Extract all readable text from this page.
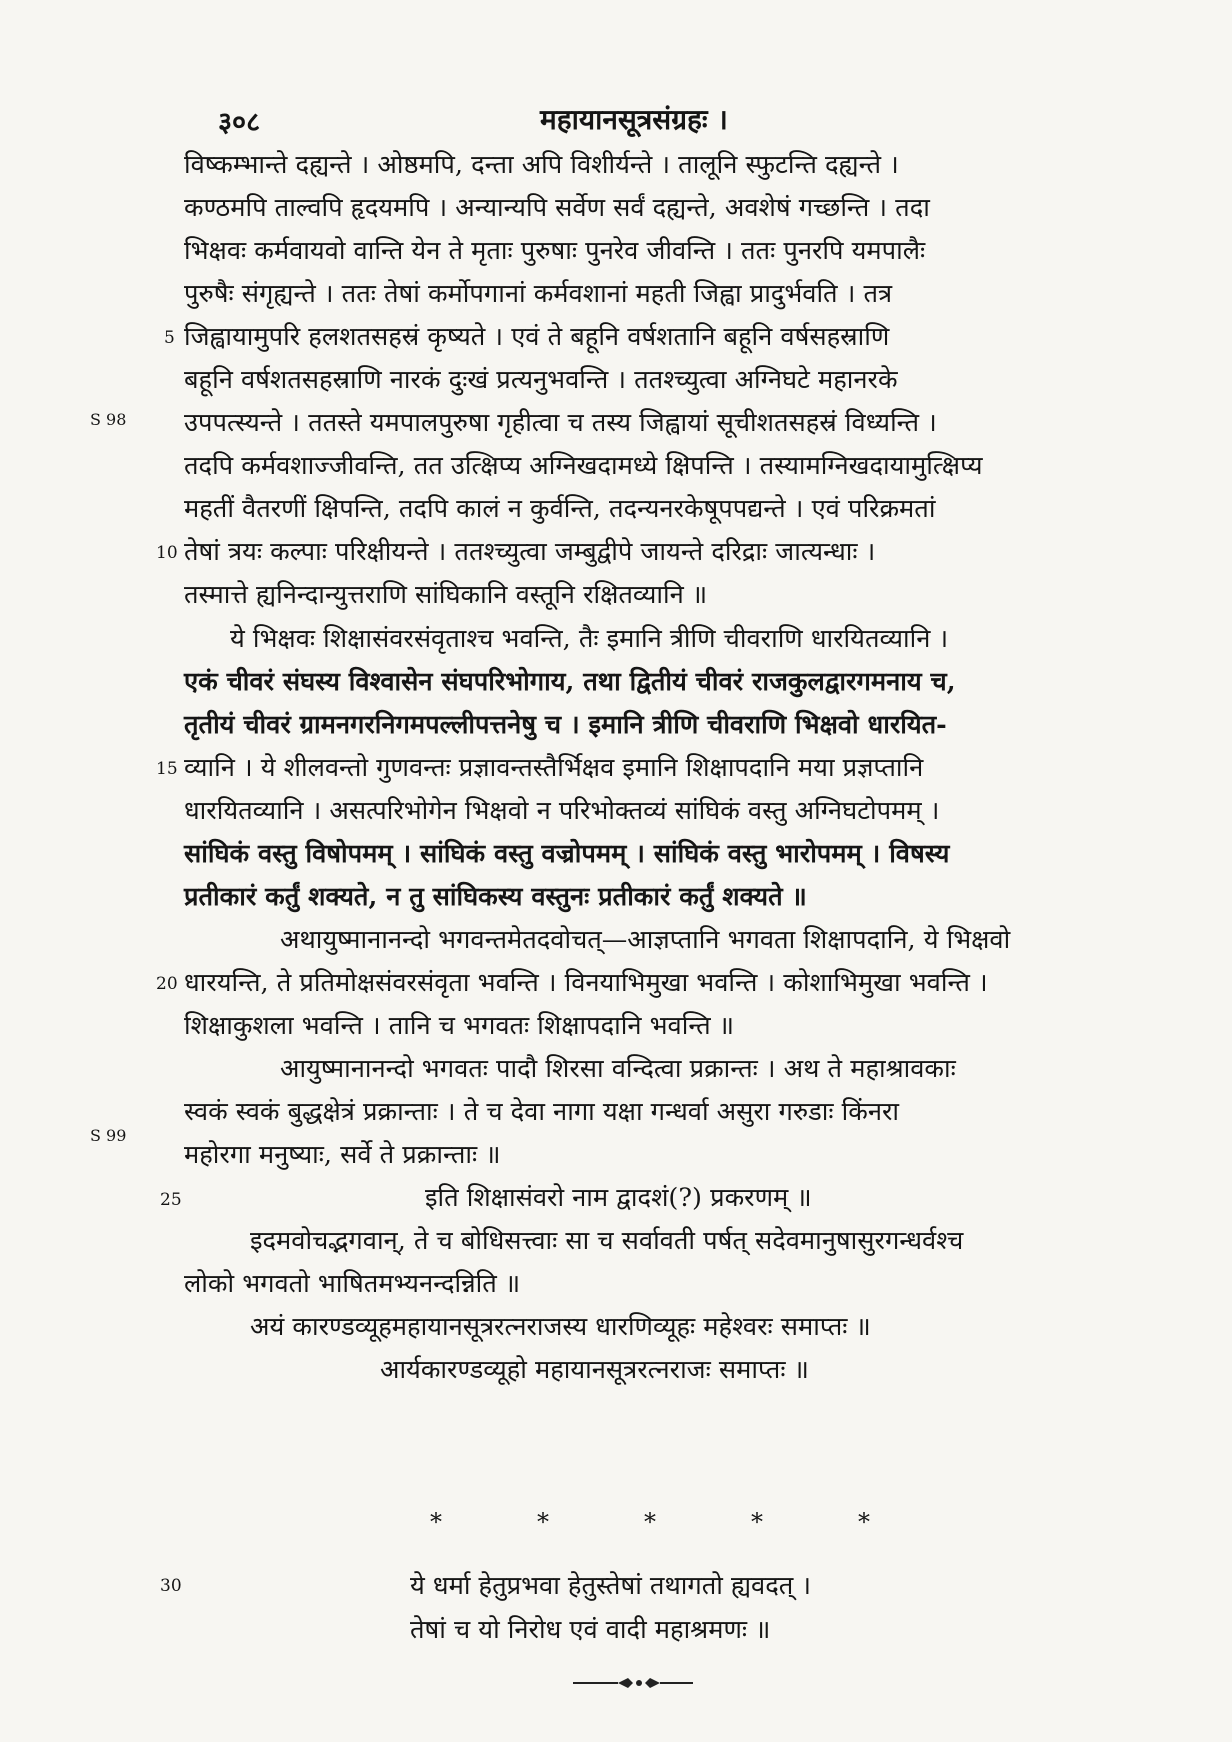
३०८	महायानसूत्रसंग्रहः ।
विष्कम्भान्ते दह्यन्ते । ओष्ठमपि, दन्ता अपि विशीर्यन्ते । तालूनि स्फुटन्ति दह्यन्ते ।
कण्ठमपि ताल्वपि हृदयमपि । अन्यान्यपि सर्वेण सर्वं दह्यन्ते, अवशेषं गच्छन्ति । तदा
भिक्षवः कर्मवायवो वान्ति येन ते मृताः पुरुषाः पुनरेव जीवन्ति । ततः पुनरपि यमपालैः
पुरुषैः संगृह्यन्ते । ततः तेषां कर्मोपगानां कर्मवशानां महती जिह्वा प्रादुर्भवति । तत्र
जिह्वायामुपरि हलशतसहस्रं कृष्यते । एवं ते बहूनि वर्षशतानि बहूनि वर्षसहस्राणि
बहूनि वर्षशतसहस्राणि नारकं दुःखं प्रत्यनुभवन्ति । ततश्च्युत्वा अग्निघटे महानरके
उपपत्स्यन्ते । ततस्ते यमपालपुरुषा गृहीत्वा च तस्य जिह्वायां सूचीशतसहस्रं विध्यन्ति ।
तदपि कर्मवशाज्जीवन्ति, तत उत्क्षिप्य अग्निखदामध्ये क्षिपन्ति । तस्यामग्निखदायामुत्क्षिप्य
महतीं वैतरणीं क्षिपन्ति, तदपि कालं न कुर्वन्ति, तदन्यनरकेषूपपद्यन्ते । एवं परिक्रमतां
तेषां त्रयः कल्पाः परिक्षीयन्ते । ततश्च्युत्वा जम्बुद्वीपे जायन्ते दरिद्राः जात्यन्धाः ।
तस्मात्ते ह्यनिन्दान्युत्तराणि सांघिकानि वस्तूनि रक्षितव्यानि ॥
ये भिक्षवः शिक्षासंवरसंवृताश्च भवन्ति, तैः इमानि त्रीणि चीवराणि धारयितव्यानि ।
एकं चीवरं संघस्य विश्वासेन संघपरिभोगाय, तथा द्वितीयं चीवरं राजकुलद्वारगमनाय च,
तृतीयं चीवरं ग्रामनगरनिगमपल्लीपत्तनेषु च । इमानि त्रीणि चीवराणि भिक्षवो धारयित-
व्यानि । ये शीलवन्तो गुणवन्तः प्रज्ञावन्तस्तैर्भिक्षव इमानि शिक्षापदानि मया प्रज्ञप्तानि
धारयितव्यानि । असत्परिभोगेन भिक्षवो न परिभोक्तव्यं सांघिकं वस्तु अग्निघटोपमम् ।
सांघिकं वस्तु विषोपमम् । सांघिकं वस्तु वज्रोपमम् । सांघिकं वस्तु भारोपमम् । विषस्य
प्रतीकारं कर्तुं शक्यते, न तु सांघिकस्य वस्तुनः प्रतीकारं कर्तुं शक्यते ॥
अथायुष्मानानन्दो भगवन्तमेतदवोचत्—आज्ञप्तानि भगवता शिक्षापदानि, ये भिक्षवो
धारयन्ति, ते प्रतिमोक्षसंवरसंवृता भवन्ति । विनयाभिमुखा भवन्ति । कोशाभिमुखा भवन्ति ।
शिक्षाकुशला भवन्ति । तानि च भगवतः शिक्षापदानि भवन्ति ॥
आयुष्मानानन्दो भगवतः पादौ शिरसा वन्दित्वा प्रक्रान्तः । अथ ते महाश्रावकाः
स्वकं स्वकं बुद्धक्षेत्रं प्रक्रान्ताः । ते च देवा नागा यक्षा गन्धर्वा असुरा गरुडाः किंनरा
महोरगा मनुष्याः, सर्वे ते प्रक्रान्ताः ॥
इति शिक्षासंवरो नाम द्वादशं(?) प्रकरणम् ॥
इदमवोचद्भगवान्, ते च बोधिसत्त्वाः सा च सर्वावती पर्षत् सदेवमानुषासुरगन्धर्वश्च
लोको भगवतो भाषितमभ्यनन्दन्निति ॥
अयं कारण्डव्यूहमहायानसूत्ररत्नराजस्य धारणिव्यूहः महेश्वरः समाप्तः ॥
आर्यकारण्डव्यूहो महायानसूत्ररत्नराजः समाप्तः ॥
*	*	*	*	*
ये धर्मा हेतुप्रभवा हेतुस्तेषां तथागतो ह्यवदत् ।
तेषां च यो निरोध एवं वादी महाश्रमणः ॥
5
10
15
20
25
30
S 98
S 99
